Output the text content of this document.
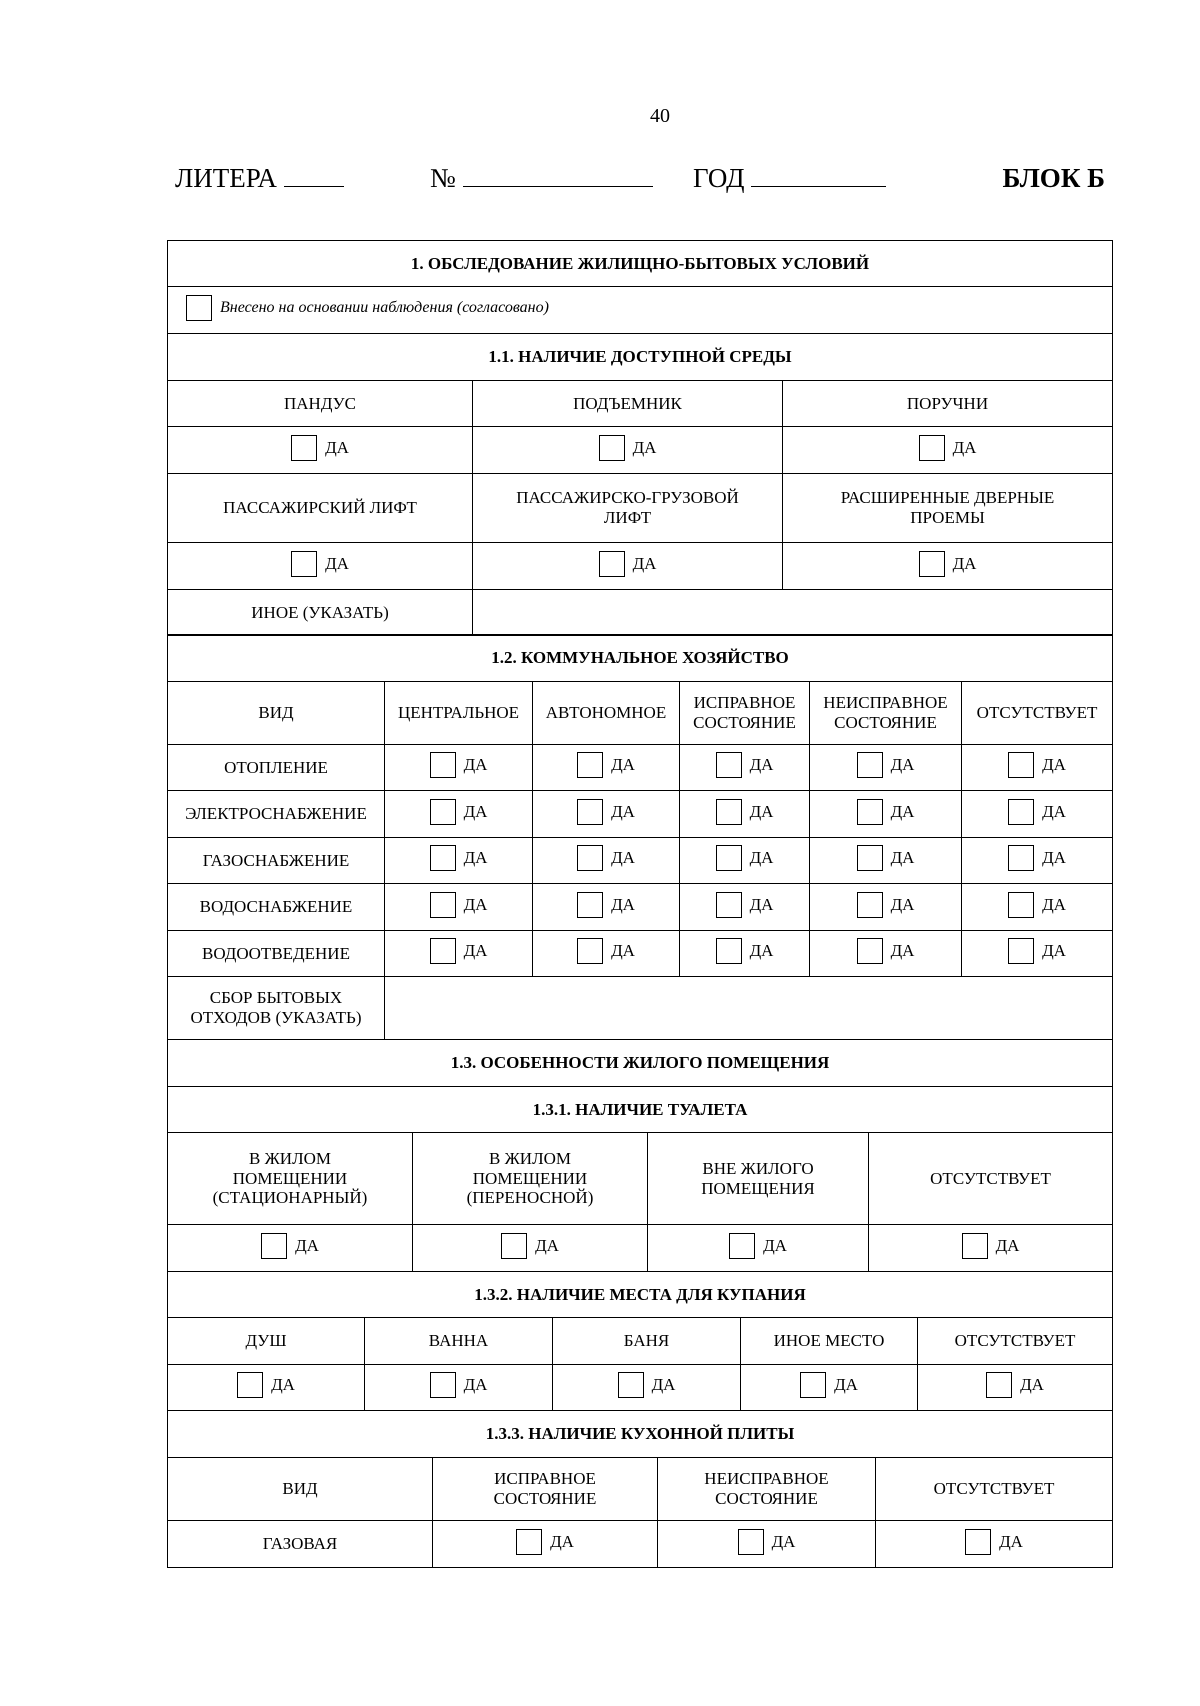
40
ЛИТЕРА	№	ГОД	БЛОК Б
1. ОБСЛЕДОВАНИЕ ЖИЛИЩНО-БЫТОВЫХ УСЛОВИЙ		

Внесено на основании наблюдения (согласовано)		

1.1. НАЛИЧИЕ ДОСТУПНОЙ СРЕДЫ		
ПАНДУС	ПОДЪЕМНИК	ПОРУЧНИ

ДА	ДА	ДА

ПАССАЖИРСКИЙ ЛИФТ	ПАССАЖИРСКО-ГРУЗОВОЙ ЛИФТ	РАСШИРЕННЫЕ ДВЕРНЫЕ ПРОЕМЫ

ДА	ДА	ДА

ИНОЕ (УКАЗАТЬ)		
1.2. КОММУНАЛЬНОЕ ХОЗЯЙСТВО					
ВИД	ЦЕНТРАЛЬНОЕ	АВТОНОМНОЕ	ИСПРАВНОЕ СОСТОЯНИЕ	НЕИСПРАВНОЕ СОСТОЯНИЕ	ОТСУТСТВУЕТ
ОТОПЛЕНИЕ	ДА	ДА	ДА	ДА	ДА

ЭЛЕКТРОСНАБЖЕНИЕ	ДА	ДА	ДА	ДА	ДА

ГАЗОСНАБЖЕНИЕ	ДА	ДА	ДА	ДА	ДА

ВОДОСНАБЖЕНИЕ	ДА	ДА	ДА	ДА	ДА

ВОДООТВЕДЕНИЕ	ДА	ДА	ДА	ДА	ДА

СБОР БЫТОВЫХ ОТХОДОВ (УКАЗАТЬ)					
1.3. ОСОБЕННОСТИ ЖИЛОГО ПОМЕЩЕНИЯ			
1.3.1. НАЛИЧИЕ ТУАЛЕТА			
В ЖИЛОМ ПОМЕЩЕНИИ (СТАЦИОНАРНЫЙ)	В ЖИЛОМ ПОМЕЩЕНИИ (ПЕРЕНОСНОЙ)	ВНЕ ЖИЛОГО ПОМЕЩЕНИЯ	ОТСУТСТВУЕТ

ДА	ДА	ДА	ДА
1.3.2. НАЛИЧИЕ МЕСТА ДЛЯ КУПАНИЯ				
ДУШ	ВАННА	БАНЯ	ИНОЕ МЕСТО	ОТСУТСТВУЕТ

ДА	ДА	ДА	ДА	ДА
1.3.3. НАЛИЧИЕ КУХОННОЙ ПЛИТЫ			
ВИД	ИСПРАВНОЕ СОСТОЯНИЕ	НЕИСПРАВНОЕ СОСТОЯНИЕ	ОТСУТСТВУЕТ
ГАЗОВАЯ	ДА	ДА	ДА
